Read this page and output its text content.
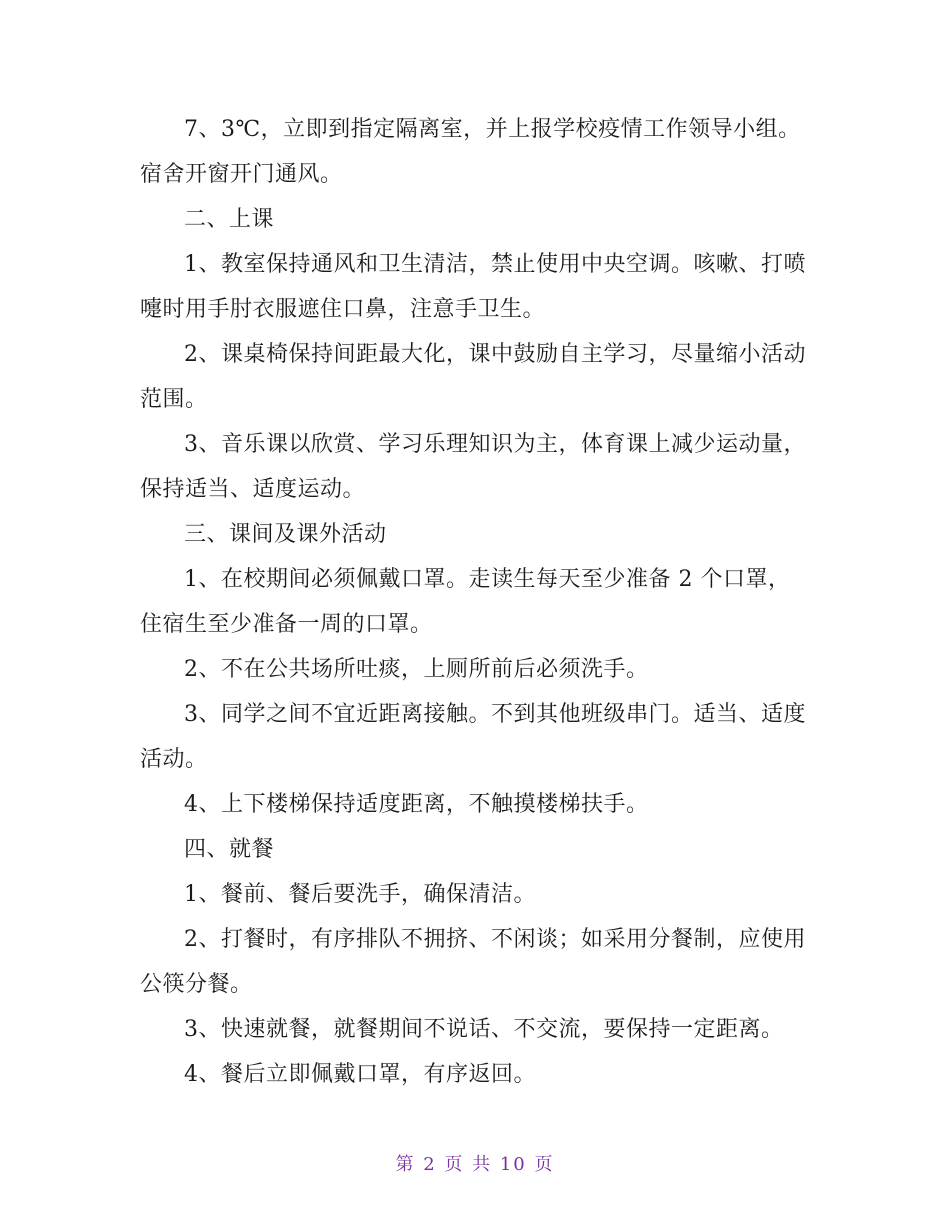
7、3℃，立即到指定隔离室，并上报学校疫情工作领导小组。宿舍开窗开门通风。

二、上课

1、教室保持通风和卫生清洁，禁止使用中央空调。咳嗽、打喷嚏时用手肘衣服遮住口鼻，注意手卫生。

2、课桌椅保持间距最大化，课中鼓励自主学习，尽量缩小活动范围。

3、音乐课以欣赏、学习乐理知识为主，体育课上减少运动量，保持适当、适度运动。

三、课间及课外活动

1、在校期间必须佩戴口罩。走读生每天至少准备 2 个口罩，住宿生至少准备一周的口罩。

2、不在公共场所吐痰，上厕所前后必须洗手。

3、同学之间不宜近距离接触。不到其他班级串门。适当、适度活动。

4、上下楼梯保持适度距离，不触摸楼梯扶手。

四、就餐

1、餐前、餐后要洗手，确保清洁。

2、打餐时，有序排队不拥挤、不闲谈；如采用分餐制，应使用公筷分餐。

3、快速就餐，就餐期间不说话、不交流，要保持一定距离。

4、餐后立即佩戴口罩，有序返回。

第 2 页 共 10 页
